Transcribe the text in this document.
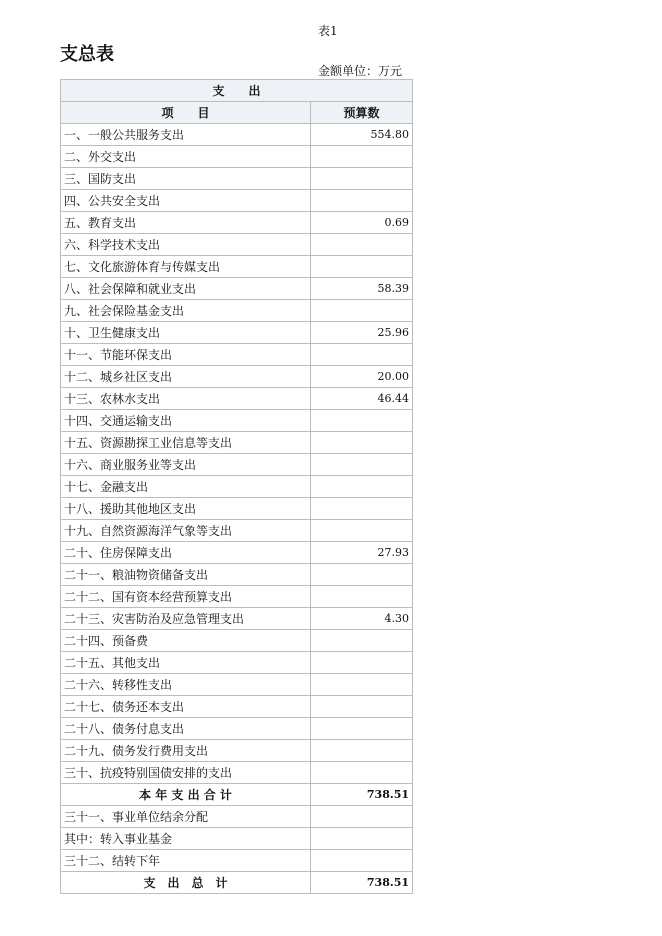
表1
支总表
金额单位：万元
支　　出	
项　　目	预算数
一、一般公共服务支出	554.80
二、外交支出	
三、国防支出	
四、公共安全支出	
五、教育支出	0.69
六、科学技术支出	
七、文化旅游体育与传媒支出	
八、社会保障和就业支出	58.39
九、社会保险基金支出	
十、卫生健康支出	25.96
十一、节能环保支出	
十二、城乡社区支出	20.00
十三、农林水支出	46.44
十四、交通运输支出	
十五、资源勘探工业信息等支出	
十六、商业服务业等支出	
十七、金融支出	
十八、援助其他地区支出	
十九、自然资源海洋气象等支出	
二十、住房保障支出	27.93
二十一、粮油物资储备支出	
二十二、国有资本经营预算支出	
二十三、灾害防治及应急管理支出	4.30
二十四、预备费	
二十五、其他支出	
二十六、转移性支出	
二十七、债务还本支出	
二十八、债务付息支出	
二十九、债务发行费用支出	
三十、抗疫特别国债安排的支出	
本 年 支 出 合 计	738.51
三十一、事业单位结余分配	
其中：转入事业基金	
三十二、结转下年	
支　出　总　计	738.51
